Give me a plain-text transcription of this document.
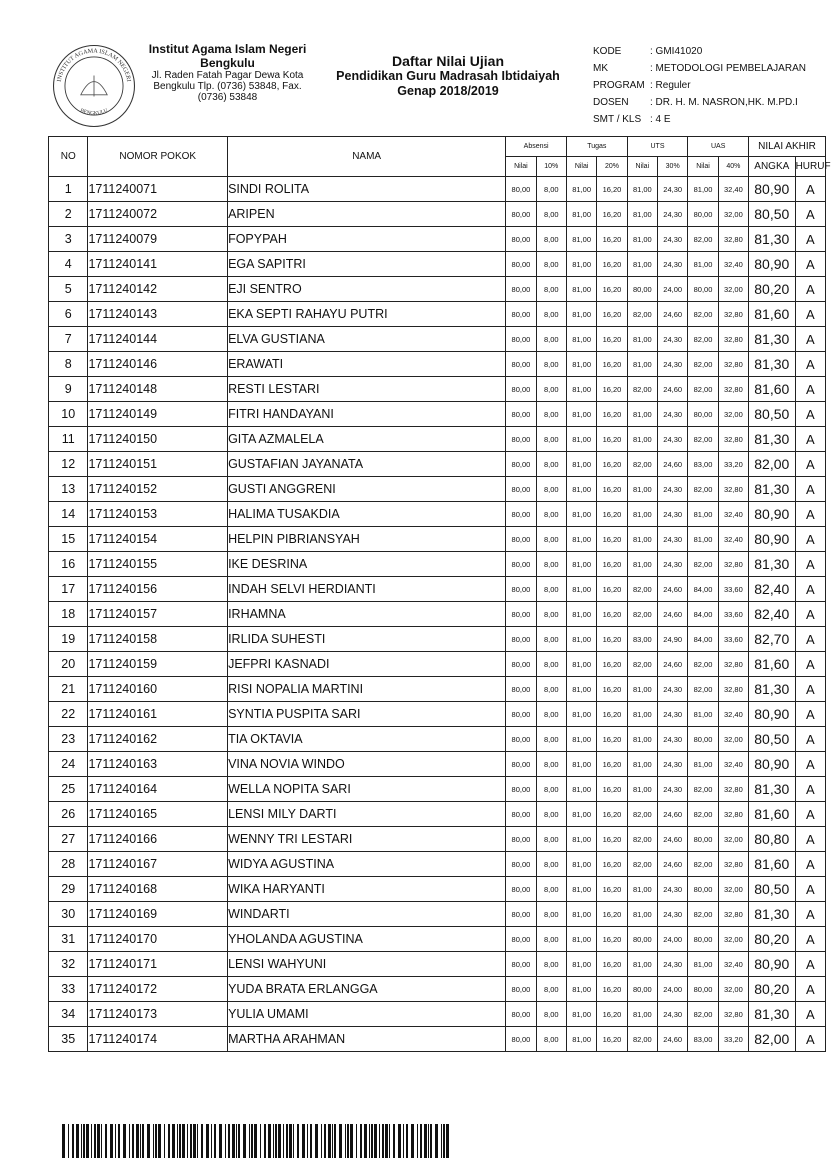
INSTITUT AGAMA ISLAM NEGERI
BENGKULU
Institut Agama Islam Negeri
Bengkulu
Jl. Raden Fatah Pagar Dewa Kota
Bengkulu Tlp. (0736) 53848, Fax.
(0736) 53848
Daftar Nilai Ujian
Pendidikan Guru Madrasah Ibtidaiyah
Genap 2018/2019
KODE	: GMI41020
MK	: METODOLOGI PEMBELAJARAN
PROGRAM : Reguler
DOSEN : DR. H. M. NASRON,HK. M.PD.I
SMT / KLS : 4 E
NO	NOMOR POKOK	NAMA	Absensi		Tugas		UTS		UAS		NILAI AKHIR	
			Nilai	10%	Nilai	20%	Nilai	30%	Nilai	40%	ANGKA	HURUF
1	1711240071	SINDI ROLITA	80,00	8,00	81,00	16,20	81,00	24,30	81,00	32,40	80,90	A
2	1711240072	ARIPEN	80,00	8,00	81,00	16,20	81,00	24,30	80,00	32,00	80,50	A
3	1711240079	FOPYPAH	80,00	8,00	81,00	16,20	81,00	24,30	82,00	32,80	81,30	A
4	1711240141	EGA SAPITRI	80,00	8,00	81,00	16,20	81,00	24,30	81,00	32,40	80,90	A
5	1711240142	EJI SENTRO	80,00	8,00	81,00	16,20	80,00	24,00	80,00	32,00	80,20	A
6	1711240143	EKA SEPTI RAHAYU PUTRI	80,00	8,00	81,00	16,20	82,00	24,60	82,00	32,80	81,60	A
7	1711240144	ELVA GUSTIANA	80,00	8,00	81,00	16,20	81,00	24,30	82,00	32,80	81,30	A
8	1711240146	ERAWATI	80,00	8,00	81,00	16,20	81,00	24,30	82,00	32,80	81,30	A
9	1711240148	RESTI LESTARI	80,00	8,00	81,00	16,20	82,00	24,60	82,00	32,80	81,60	A
10	1711240149	FITRI HANDAYANI	80,00	8,00	81,00	16,20	81,00	24,30	80,00	32,00	80,50	A
11	1711240150	GITA AZMALELA	80,00	8,00	81,00	16,20	81,00	24,30	82,00	32,80	81,30	A
12	1711240151	GUSTAFIAN JAYANATA	80,00	8,00	81,00	16,20	82,00	24,60	83,00	33,20	82,00	A
13	1711240152	GUSTI ANGGRENI	80,00	8,00	81,00	16,20	81,00	24,30	82,00	32,80	81,30	A
14	1711240153	HALIMA TUSAKDIA	80,00	8,00	81,00	16,20	81,00	24,30	81,00	32,40	80,90	A
15	1711240154	HELPIN PIBRIANSYAH	80,00	8,00	81,00	16,20	81,00	24,30	81,00	32,40	80,90	A
16	1711240155	IKE DESRINA	80,00	8,00	81,00	16,20	81,00	24,30	82,00	32,80	81,30	A
17	1711240156	INDAH SELVI HERDIANTI	80,00	8,00	81,00	16,20	82,00	24,60	84,00	33,60	82,40	A
18	1711240157	IRHAMNA	80,00	8,00	81,00	16,20	82,00	24,60	84,00	33,60	82,40	A
19	1711240158	IRLIDA SUHESTI	80,00	8,00	81,00	16,20	83,00	24,90	84,00	33,60	82,70	A
20	1711240159	JEFPRI KASNADI	80,00	8,00	81,00	16,20	82,00	24,60	82,00	32,80	81,60	A
21	1711240160	RISI NOPALIA MARTINI	80,00	8,00	81,00	16,20	81,00	24,30	82,00	32,80	81,30	A
22	1711240161	SYNTIA PUSPITA SARI	80,00	8,00	81,00	16,20	81,00	24,30	81,00	32,40	80,90	A
23	1711240162	TIA OKTAVIA	80,00	8,00	81,00	16,20	81,00	24,30	80,00	32,00	80,50	A
24	1711240163	VINA NOVIA WINDO	80,00	8,00	81,00	16,20	81,00	24,30	81,00	32,40	80,90	A
25	1711240164	WELLA NOPITA SARI	80,00	8,00	81,00	16,20	81,00	24,30	82,00	32,80	81,30	A
26	1711240165	LENSI MILY DARTI	80,00	8,00	81,00	16,20	82,00	24,60	82,00	32,80	81,60	A
27	1711240166	WENNY TRI LESTARI	80,00	8,00	81,00	16,20	82,00	24,60	80,00	32,00	80,80	A
28	1711240167	WIDYA AGUSTINA	80,00	8,00	81,00	16,20	82,00	24,60	82,00	32,80	81,60	A
29	1711240168	WIKA HARYANTI	80,00	8,00	81,00	16,20	81,00	24,30	80,00	32,00	80,50	A
30	1711240169	WINDARTI	80,00	8,00	81,00	16,20	81,00	24,30	82,00	32,80	81,30	A
31	1711240170	YHOLANDA AGUSTINA	80,00	8,00	81,00	16,20	80,00	24,00	80,00	32,00	80,20	A
32	1711240171	LENSI WAHYUNI	80,00	8,00	81,00	16,20	81,00	24,30	81,00	32,40	80,90	A
33	1711240172	YUDA BRATA ERLANGGA	80,00	8,00	81,00	16,20	80,00	24,00	80,00	32,00	80,20	A
34	1711240173	YULIA UMAMI	80,00	8,00	81,00	16,20	81,00	24,30	82,00	32,80	81,30	A
35	1711240174	MARTHA ARAHMAN	80,00	8,00	81,00	16,20	82,00	24,60	83,00	33,20	82,00	A
